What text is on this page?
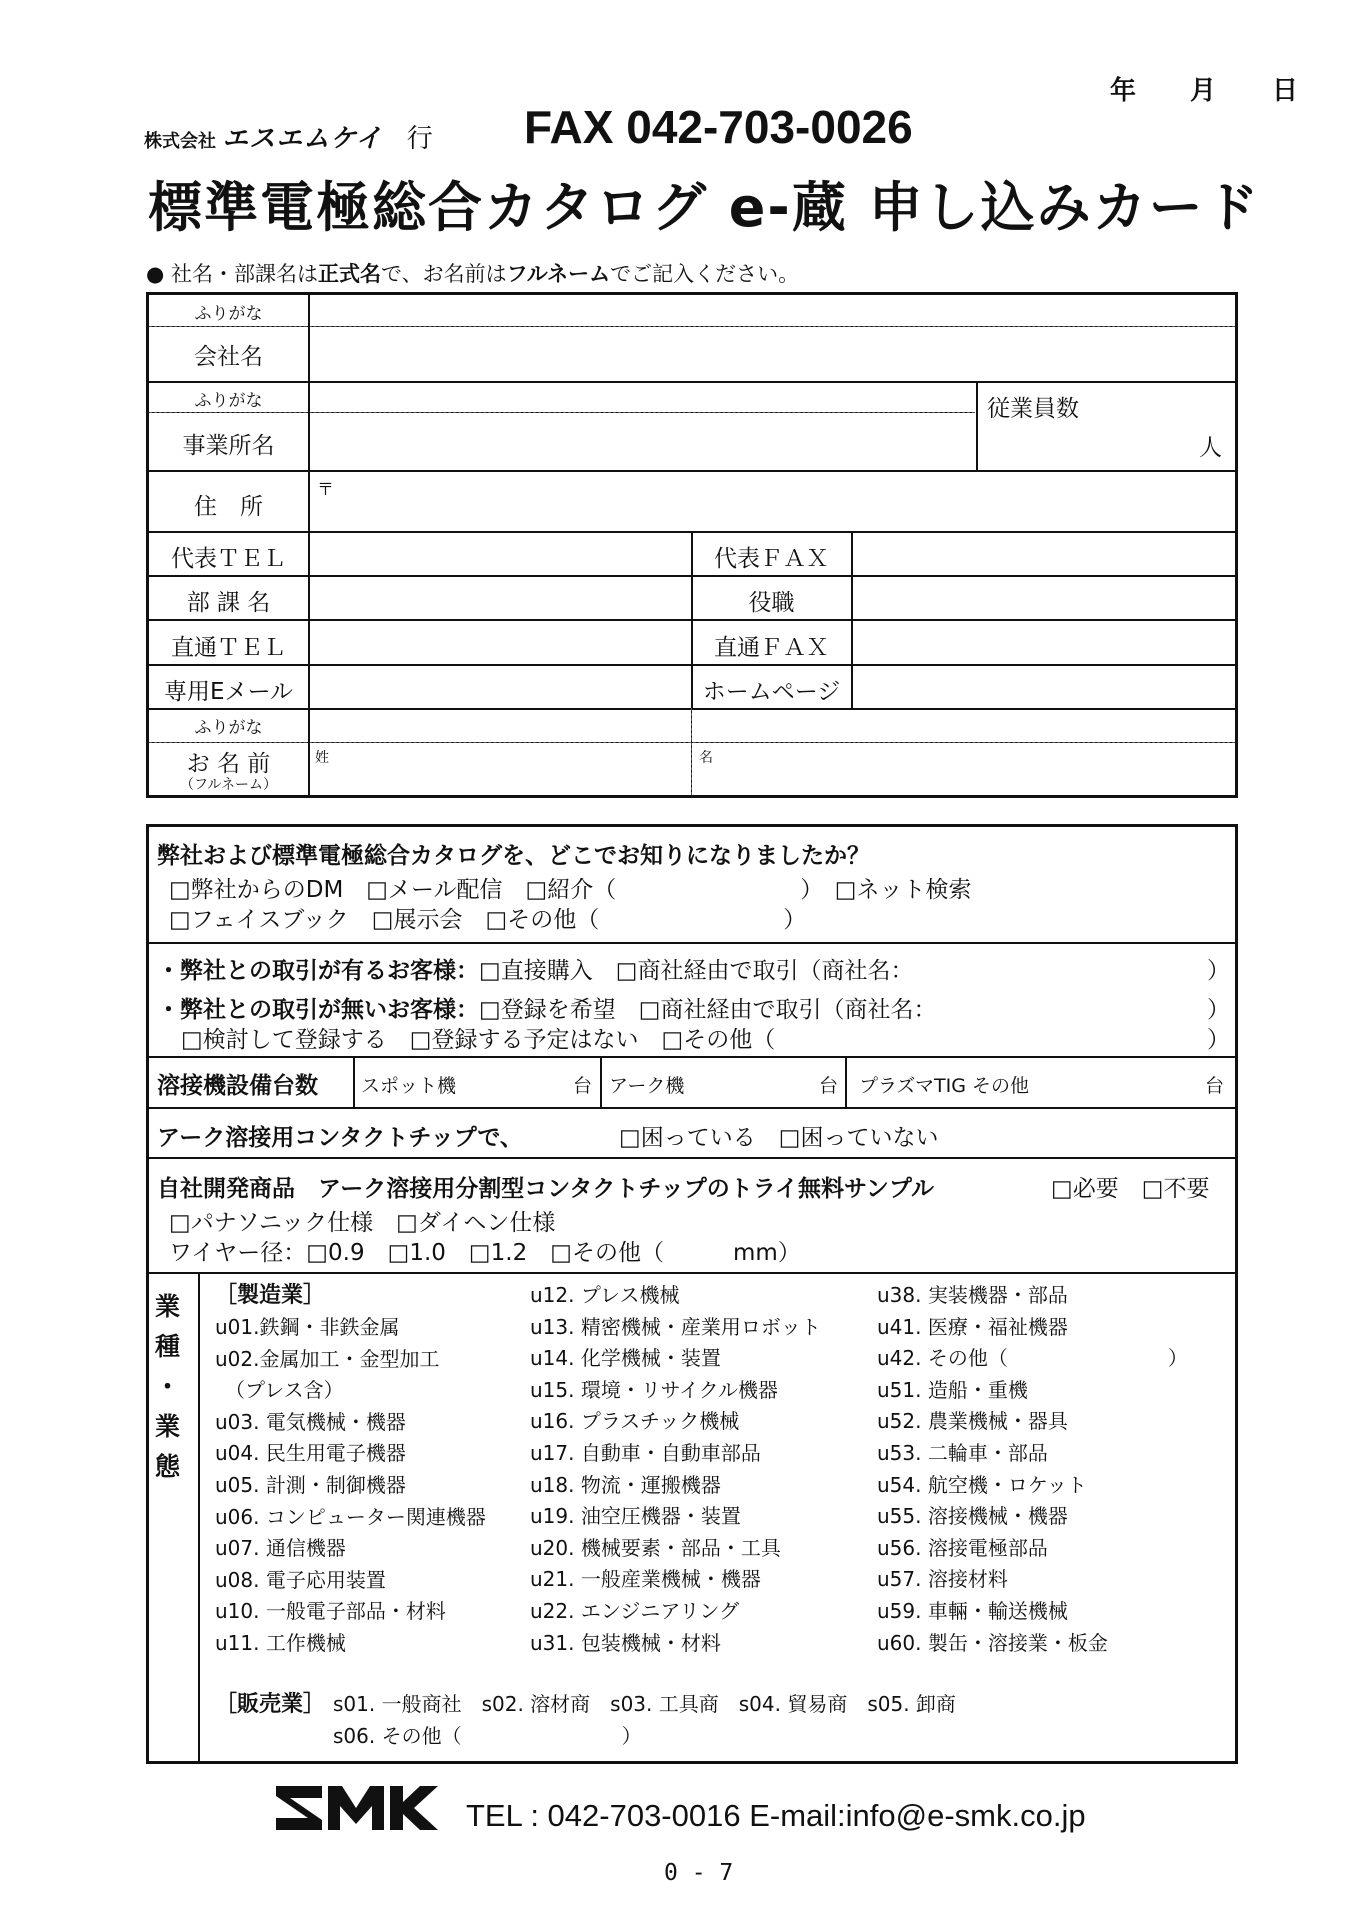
年 月 日
株式会社 エスエムケイ 行 FAX 042-703-0026
標準電極総合カタログ e-蔵 申し込みカード
● 社名・部課名は正式名で、お名前はフルネームでご記入ください。
ふりがな
会社名
ふりがな
事業所名
従業員数
人
住　所
〒
代表ＴＥＬ	代表ＦＡＸ
部 課 名	役職
直通ＴＥＬ	直通ＦＡＸ
専用Eメール	ホームページ
ふりがな
お 名 前
（フルネーム）
姓	名
弊社および標準電極総合カタログを、どこでお知りになりましたか？
□弊社からのDM　□メール配信　□紹介（　　　　　　　　）　□ネット検索
□フェイスブック　□展示会　□その他（　　　　　　　　）
・弊社との取引が有るお客様：□直接購入　□商社経由で取引（商社名：	）
・弊社との取引が無いお客様：□登録を希望　□商社経由で取引（商社名：	）
□検討して登録する　□登録する予定はない　□その他（	）
溶接機設備台数 スポット機	台 アーク機	台 プラズマTIG その他	台
アーク溶接用コンタクトチップで、	□困っている　□困っていない
自社開発商品　アーク溶接用分割型コンタクトチップのトライ無料サンプル	□必要　□不要
□パナソニック仕様　□ダイヘン仕様
ワイヤー径：□0.9　□1.0　□1.2　□その他（　　　mm）
業
種
・
業
態
［製造業］
u01.鉄鋼・非鉄金属
u02.金属加工・金型加工
　（プレス含）
u03. 電気機械・機器
u04. 民生用電子機器
u05. 計測・制御機器
u06. コンピューター関連機器
u07. 通信機器
u08. 電子応用装置
u10. 一般電子部品・材料
u11. 工作機械
u12. プレス機械
u13. 精密機械・産業用ロボット
u14. 化学機械・装置
u15. 環境・リサイクル機器
u16. プラスチック機械
u17. 自動車・自動車部品
u18. 物流・運搬機器
u19. 油空圧機器・装置
u20. 機械要素・部品・工具
u21. 一般産業機械・機器
u22. エンジニアリング
u31. 包装機械・材料
u38. 実装機器・部品
u41. 医療・福祉機器
u42. その他（　　　　　　　　）
u51. 造船・重機
u52. 農業機械・器具
u53. 二輪車・部品
u54. 航空機・ロケット
u55. 溶接機械・機器
u56. 溶接電極部品
u57. 溶接材料
u59. 車輛・輸送機械
u60. 製缶・溶接業・板金
［販売業］ s01. 一般商社　s02. 溶材商　s03. 工具商　s04. 貿易商　s05. 卸商
s06. その他（　　　　　　　　）
TEL : 042-703-0016 E-mail:info@e-smk.co.jp
0 - 7
